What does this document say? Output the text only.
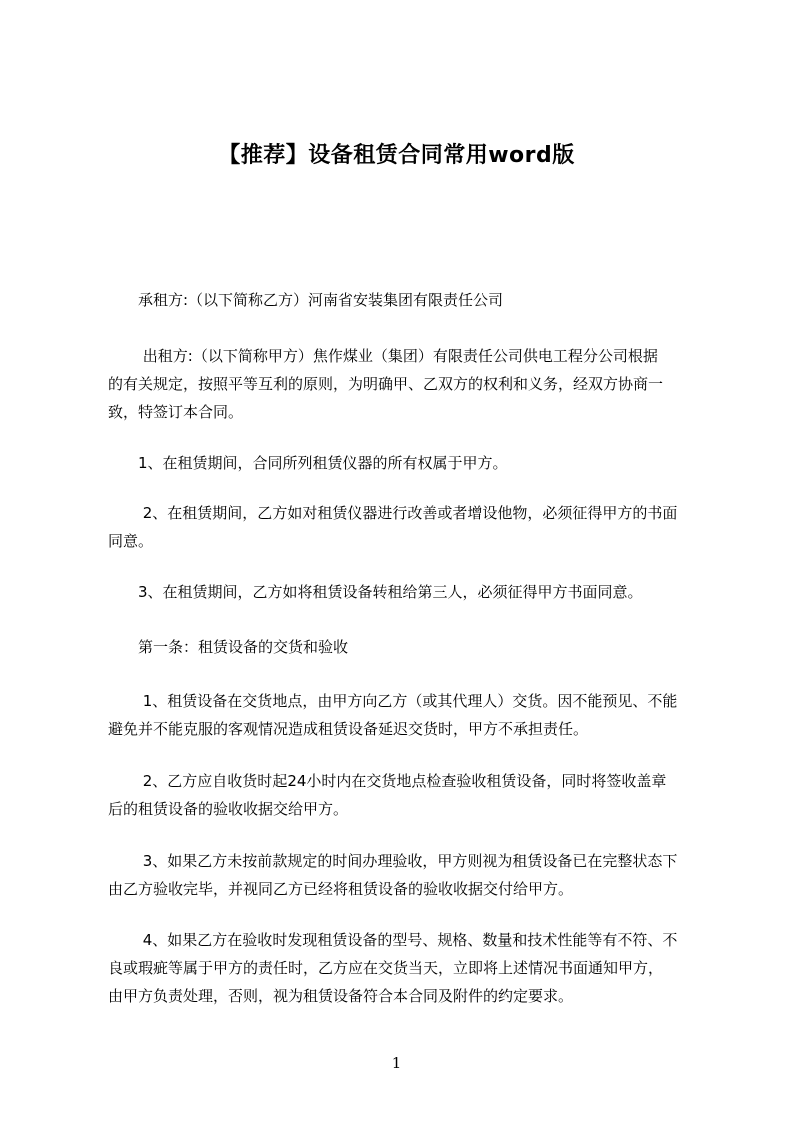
【推荐】设备租赁合同常用word版
　　承租方:（以下简称乙方）河南省安装集团有限责任公司
　　 出租方:（以下简称甲方）焦作煤业（集团）有限责任公司供电工程分公司根据
的有关规定，按照平等互利的原则，为明确甲、乙双方的权利和义务，经双方协商一
致，特签订本合同。
　　1、在租赁期间，合同所列租赁仪器的所有权属于甲方。
　　 2、在租赁期间，乙方如对租赁仪器进行改善或者增设他物，必须征得甲方的书面
同意。
　　3、在租赁期间，乙方如将租赁设备转租给第三人，必须征得甲方书面同意。
　　第一条：租赁设备的交货和验收
　　 1、租赁设备在交货地点，由甲方向乙方（或其代理人）交货。因不能预见、不能
避免并不能克服的客观情况造成租赁设备延迟交货时，甲方不承担责任。
　　 2、乙方应自收货时起24小时内在交货地点检查验收租赁设备，同时将签收盖章
后的租赁设备的验收收据交给甲方。
　　 3、如果乙方未按前款规定的时间办理验收，甲方则视为租赁设备已在完整状态下
由乙方验收完毕，并视同乙方已经将租赁设备的验收收据交付给甲方。
　　 4、如果乙方在验收时发现租赁设备的型号、规格、数量和技术性能等有不符、不
良或瑕疵等属于甲方的责任时，乙方应在交货当天，立即将上述情况书面通知甲方，
由甲方负责处理，否则，视为租赁设备符合本合同及附件的约定要求。
1
